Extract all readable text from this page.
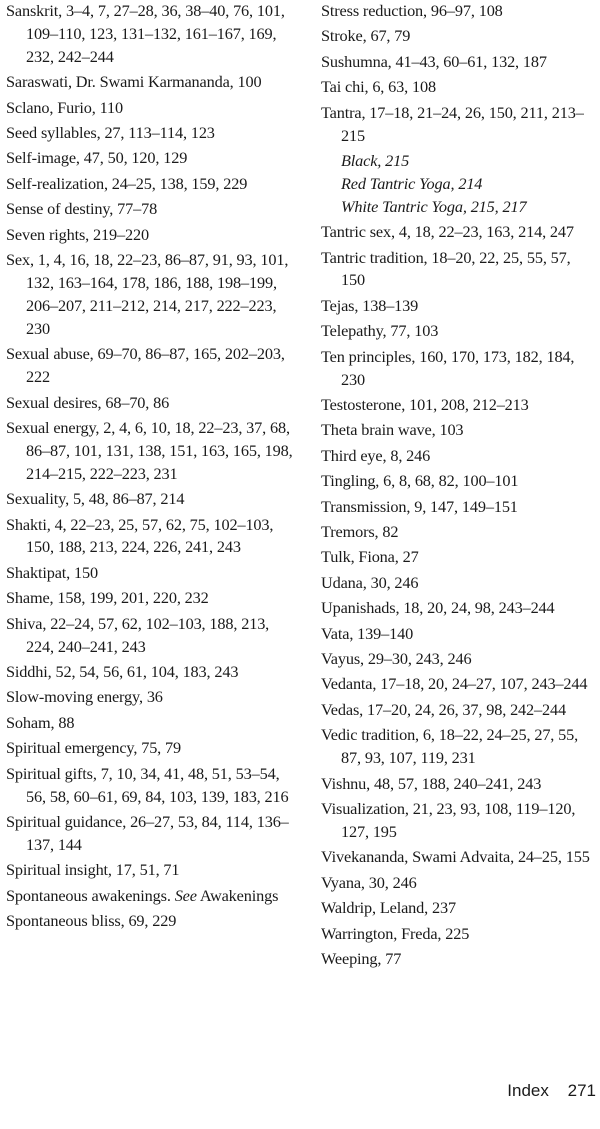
Sanskrit, 3–4, 7, 27–28, 36, 38–40, 76, 101, 109–110, 123, 131–132, 161–167, 169, 232, 242–244
Saraswati, Dr. Swami Karmananda, 100
Sclano, Furio, 110
Seed syllables, 27, 113–114, 123
Self-image, 47, 50, 120, 129
Self-realization, 24–25, 138, 159, 229
Sense of destiny, 77–78
Seven rights, 219–220
Sex, 1, 4, 16, 18, 22–23, 86–87, 91, 93, 101, 132, 163–164, 178, 186, 188, 198–199, 206–207, 211–212, 214, 217, 222–223, 230
Sexual abuse, 69–70, 86–87, 165, 202–203, 222
Sexual desires, 68–70, 86
Sexual energy, 2, 4, 6, 10, 18, 22–23, 37, 68, 86–87, 101, 131, 138, 151, 163, 165, 198, 214–215, 222–223, 231
Sexuality, 5, 48, 86–87, 214
Shakti, 4, 22–23, 25, 57, 62, 75, 102–103, 150, 188, 213, 224, 226, 241, 243
Shaktipat, 150
Shame, 158, 199, 201, 220, 232
Shiva, 22–24, 57, 62, 102–103, 188, 213, 224, 240–241, 243
Siddhi, 52, 54, 56, 61, 104, 183, 243
Slow-moving energy, 36
Soham, 88
Spiritual emergency, 75, 79
Spiritual gifts, 7, 10, 34, 41, 48, 51, 53–54, 56, 58, 60–61, 69, 84, 103, 139, 183, 216
Spiritual guidance, 26–27, 53, 84, 114, 136–137, 144
Spiritual insight, 17, 51, 71
Spontaneous awakenings. See Awakenings
Spontaneous bliss, 69, 229
Stress reduction, 96–97, 108
Stroke, 67, 79
Sushumna, 41–43, 60–61, 132, 187
Tai chi, 6, 63, 108
Tantra, 17–18, 21–24, 26, 150, 211, 213–215
Black, 215
Red Tantric Yoga, 214
White Tantric Yoga, 215, 217
Tantric sex, 4, 18, 22–23, 163, 214, 247
Tantric tradition, 18–20, 22, 25, 55, 57, 150
Tejas, 138–139
Telepathy, 77, 103
Ten principles, 160, 170, 173, 182, 184, 230
Testosterone, 101, 208, 212–213
Theta brain wave, 103
Third eye, 8, 246
Tingling, 6, 8, 68, 82, 100–101
Transmission, 9, 147, 149–151
Tremors, 82
Tulk, Fiona, 27
Udana, 30, 246
Upanishads, 18, 20, 24, 98, 243–244
Vata, 139–140
Vayus, 29–30, 243, 246
Vedanta, 17–18, 20, 24–27, 107, 243–244
Vedas, 17–20, 24, 26, 37, 98, 242–244
Vedic tradition, 6, 18–22, 24–25, 27, 55, 87, 93, 107, 119, 231
Vishnu, 48, 57, 188, 240–241, 243
Visualization, 21, 23, 93, 108, 119–120, 127, 195
Vivekananda, Swami Advaita, 24–25, 155
Vyana, 30, 246
Waldrip, Leland, 237
Warrington, Freda, 225
Weeping, 77
Index 271
